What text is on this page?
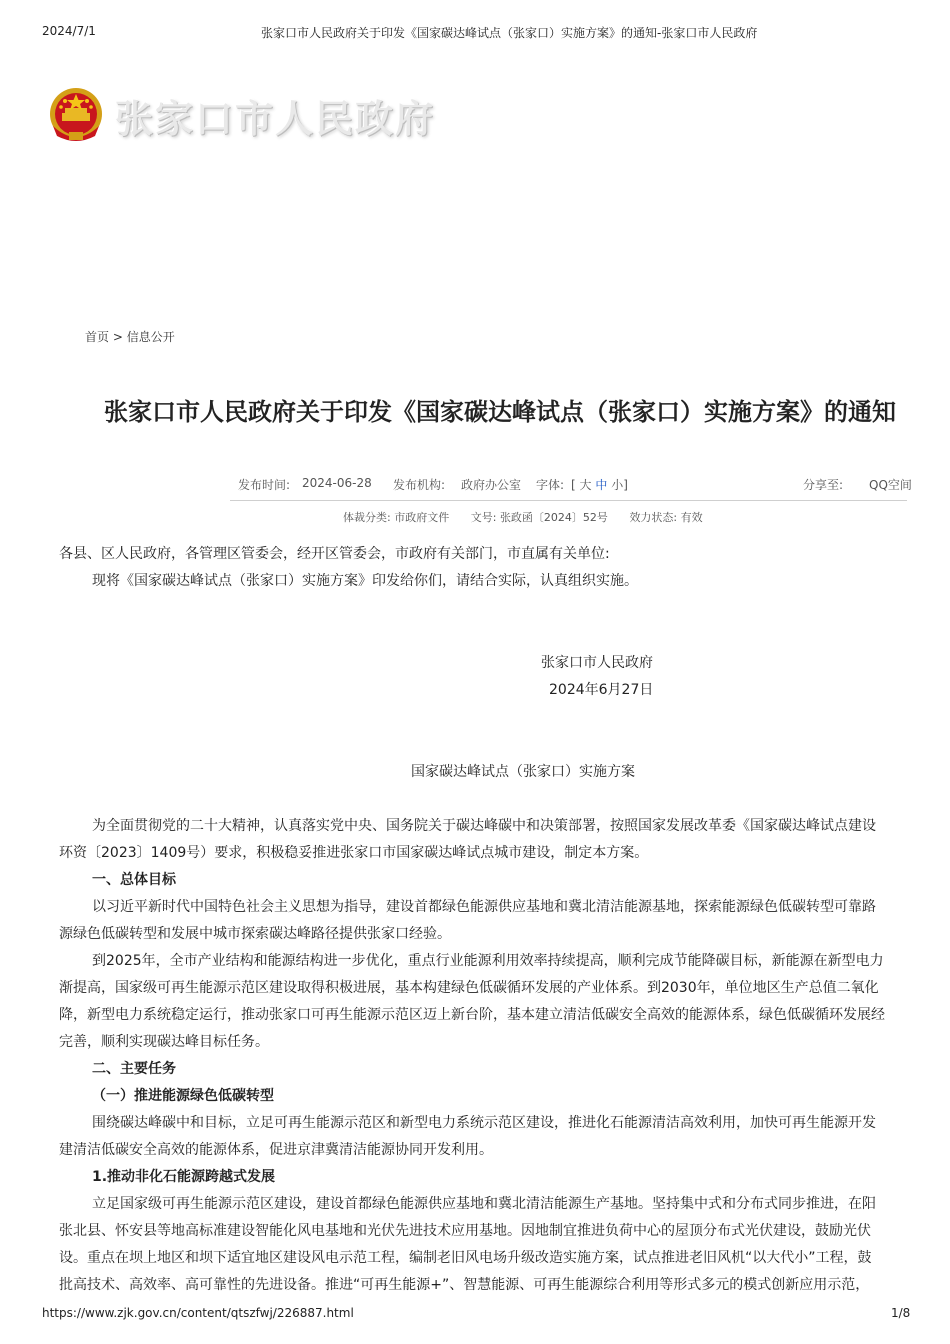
2024/7/1	张家口市人民政府关于印发《国家碳达峰试点（张家口）实施方案》的通知-张家口市人民政府
张家口市人民政府
首页 > 信息公开
张家口市人民政府关于印发《国家碳达峰试点（张家口）实施方案》的通知
发布时间: 2024-06-28 发布机构: 政府办公室 字体: [ 大 中 小]	分享至: QQ空间
体裁分类: 市政府文件 文号: 张政函〔2024〕52号 效力状态: 有效
各县、区人民政府，各管理区管委会，经开区管委会，市政府有关部门，市直属有关单位:
现将《国家碳达峰试点（张家口）实施方案》印发给你们，请结合实际，认真组织实施。
张家口市人民政府
2024年6月27日
国家碳达峰试点（张家口）实施方案
为全面贯彻党的二十大精神，认真落实党中央、国务院关于碳达峰碳中和决策部署，按照国家发展改革委《国家碳达峰试点建设
环资〔2023〕1409号）要求，积极稳妥推进张家口市国家碳达峰试点城市建设，制定本方案。
一、总体目标
以习近平新时代中国特色社会主义思想为指导，建设首都绿色能源供应基地和冀北清洁能源基地，探索能源绿色低碳转型可靠路
源绿色低碳转型和发展中城市探索碳达峰路径提供张家口经验。
到2025年，全市产业结构和能源结构进一步优化，重点行业能源利用效率持续提高，顺利完成节能降碳目标，新能源在新型电力
渐提高，国家级可再生能源示范区建设取得积极进展，基本构建绿色低碳循环发展的产业体系。到2030年，单位地区生产总值二氧化
降，新型电力系统稳定运行，推动张家口可再生能源示范区迈上新台阶，基本建立清洁低碳安全高效的能源体系，绿色低碳循环发展经
完善，顺利实现碳达峰目标任务。
二、主要任务
（一）推进能源绿色低碳转型
围绕碳达峰碳中和目标，立足可再生能源示范区和新型电力系统示范区建设，推进化石能源清洁高效利用，加快可再生能源开发
建清洁低碳安全高效的能源体系，促进京津冀清洁能源协同开发利用。
1.推动非化石能源跨越式发展
立足国家级可再生能源示范区建设，建设首都绿色能源供应基地和冀北清洁能源生产基地。坚持集中式和分布式同步推进，在阳
张北县、怀安县等地高标准建设智能化风电基地和光伏先进技术应用基地。因地制宜推进负荷中心的屋顶分布式光伏建设，鼓励光伏
设。重点在坝上地区和坝下适宜地区建设风电示范工程，编制老旧风电场升级改造实施方案，试点推进老旧风机“以大代小”工程，鼓
批高技术、高效率、高可靠性的先进设备。推进“可再生能源+”、智慧能源、可再生能源综合利用等形式多元的模式创新应用示范，
https://www.zjk.gov.cn/content/qtszfwj/226887.html	1/8
